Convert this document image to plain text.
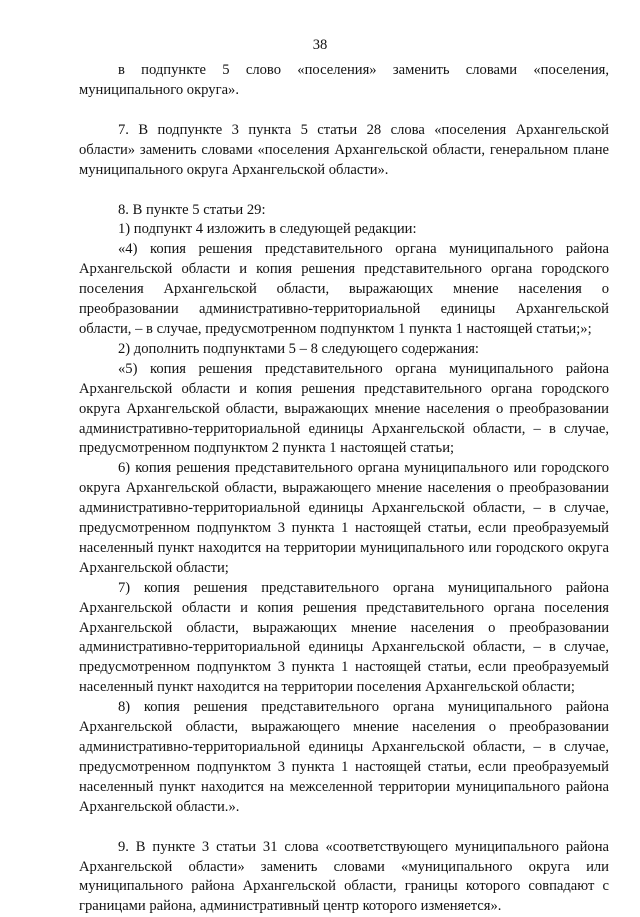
38

в подпункте 5 слово «поселения» заменить словами «поселения, муниципального округа».

7. В подпункте 3 пункта 5 статьи 28 слова «поселения Архангельской области» заменить словами «поселения Архангельской области, генеральном плане муниципального округа Архангельской области».

8. В пункте 5 статьи 29:

1) подпункт 4 изложить в следующей редакции:

«4) копия решения представительного органа муниципального района Архангельской области и копия решения представительного органа городского поселения Архангельской области, выражающих мнение населения о преобразовании административно-территориальной единицы Архангельской области, – в случае, предусмотренном подпунктом 1 пункта 1 настоящей статьи;»;

2) дополнить подпунктами 5 – 8 следующего содержания:

«5) копия решения представительного органа муниципального района Архангельской области и копия решения представительного органа городского округа Архангельской области, выражающих мнение населения о преобразовании административно-территориальной единицы Архангельской области, – в случае, предусмотренном подпунктом 2 пункта 1 настоящей статьи;

6) копия решения представительного органа муниципального или городского округа Архангельской области, выражающего мнение населения о преобразовании административно-территориальной единицы Архангельской области, – в случае, предусмотренном подпунктом 3 пункта 1 настоящей статьи, если преобразуемый населенный пункт находится на территории муниципального или городского округа Архангельской области;

7) копия решения представительного органа муниципального района Архангельской области и копия решения представительного органа поселения Архангельской области, выражающих мнение населения о преобразовании административно-территориальной единицы Архангельской области, – в случае, предусмотренном подпунктом 3 пункта 1 настоящей статьи, если преобразуемый населенный пункт находится на территории поселения Архангельской области;

8) копия решения представительного органа муниципального района Архангельской области, выражающего мнение населения о преобразовании административно-территориальной единицы Архангельской области, – в случае, предусмотренном подпунктом 3 пункта 1 настоящей статьи, если преобразуемый населенный пункт находится на межселенной территории муниципального района Архангельской области.».

9. В пункте 3 статьи 31 слова «соответствующего муниципального района Архангельской области» заменить словами «муниципального округа или муниципального района Архангельской области, границы которого совпадают с границами района, административный центр которого изменяется».
